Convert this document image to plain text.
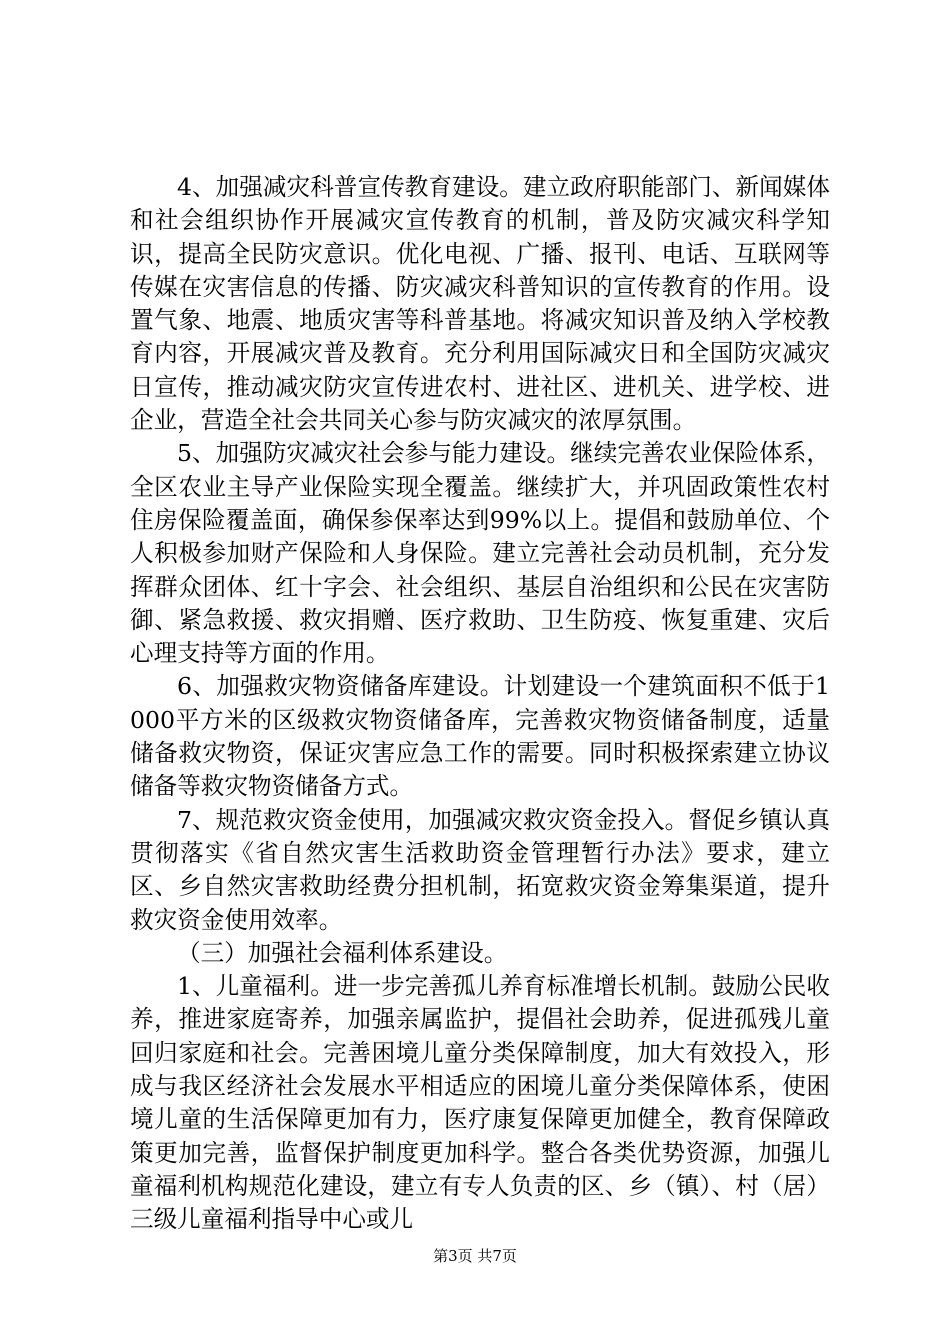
4、加强减灾科普宣传教育建设。建立政府职能部门、新闻媒体和社会组织协作开展减灾宣传教育的机制，普及防灾减灾科学知识，提高全民防灾意识。优化电视、广播、报刊、电话、互联网等传媒在灾害信息的传播、防灾减灾科普知识的宣传教育的作用。设置气象、地震、地质灾害等科普基地。将减灾知识普及纳入学校教育内容，开展减灾普及教育。充分利用国际减灾日和全国防灾减灾日宣传，推动减灾防灾宣传进农村、进社区、进机关、进学校、进企业，营造全社会共同关心参与防灾减灾的浓厚氛围。

5、加强防灾减灾社会参与能力建设。继续完善农业保险体系，全区农业主导产业保险实现全覆盖。继续扩大，并巩固政策性农村住房保险覆盖面，确保参保率达到99%以上。提倡和鼓励单位、个人积极参加财产保险和人身保险。建立完善社会动员机制，充分发挥群众团体、红十字会、社会组织、基层自治组织和公民在灾害防御、紧急救援、救灾捐赠、医疗救助、卫生防疫、恢复重建、灾后心理支持等方面的作用。

6、加强救灾物资储备库建设。计划建设一个建筑面积不低于1000平方米的区级救灾物资储备库，完善救灾物资储备制度，适量储备救灾物资，保证灾害应急工作的需要。同时积极探索建立协议储备等救灾物资储备方式。

7、规范救灾资金使用，加强减灾救灾资金投入。督促乡镇认真贯彻落实《省自然灾害生活救助资金管理暂行办法》要求，建立区、乡自然灾害救助经费分担机制，拓宽救灾资金筹集渠道，提升救灾资金使用效率。

（三）加强社会福利体系建设。

1、儿童福利。进一步完善孤儿养育标准增长机制。鼓励公民收养，推进家庭寄养，加强亲属监护，提倡社会助养，促进孤残儿童回归家庭和社会。完善困境儿童分类保障制度，加大有效投入，形成与我区经济社会发展水平相适应的困境儿童分类保障体系，使困境儿童的生活保障更加有力，医疗康复保障更加健全，教育保障政策更加完善，监督保护制度更加科学。整合各类优势资源，加强儿童福利机构规范化建设，建立有专人负责的区、乡（镇）、村（居）三级儿童福利指导中心或儿

第3页 共7页
